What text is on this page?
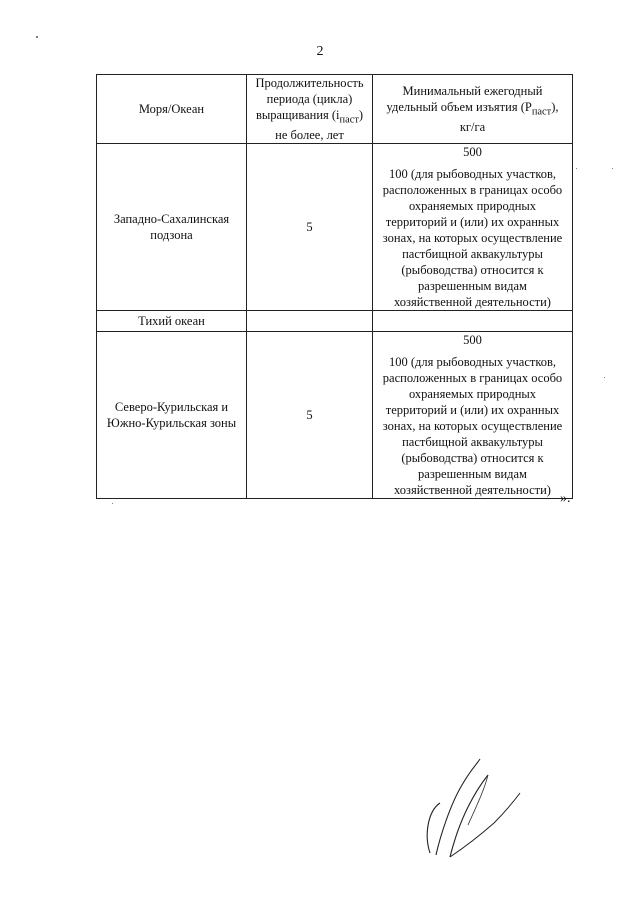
2
Моря/Океан	Продолжительность периода (цикла) выращивания $(i_{паст})$ не более, лет	Минимальный ежегодный удельный объем изъятия $(P_{паст})$, кг/га
Западно-Сахалинская подзона	5	500
100 (для рыбоводных участков, расположенных в границах особо охраняемых природных территорий и (или) их охранных зонах, на которых осуществление пастбищной аквакультуры (рыбоводства) относится к разрешенным видам хозяйственной деятельности)

Тихий океан		

Северо-Курильская и Южно-Курильская зоны	5	500
100 (для рыбоводных участков, расположенных в границах особо охраняемых природных территорий и (или) их охранных зонах, на которых осуществление пастбищной аквакультуры (рыбоводства) относится к разрешенным видам хозяйственной деятельности)
».
